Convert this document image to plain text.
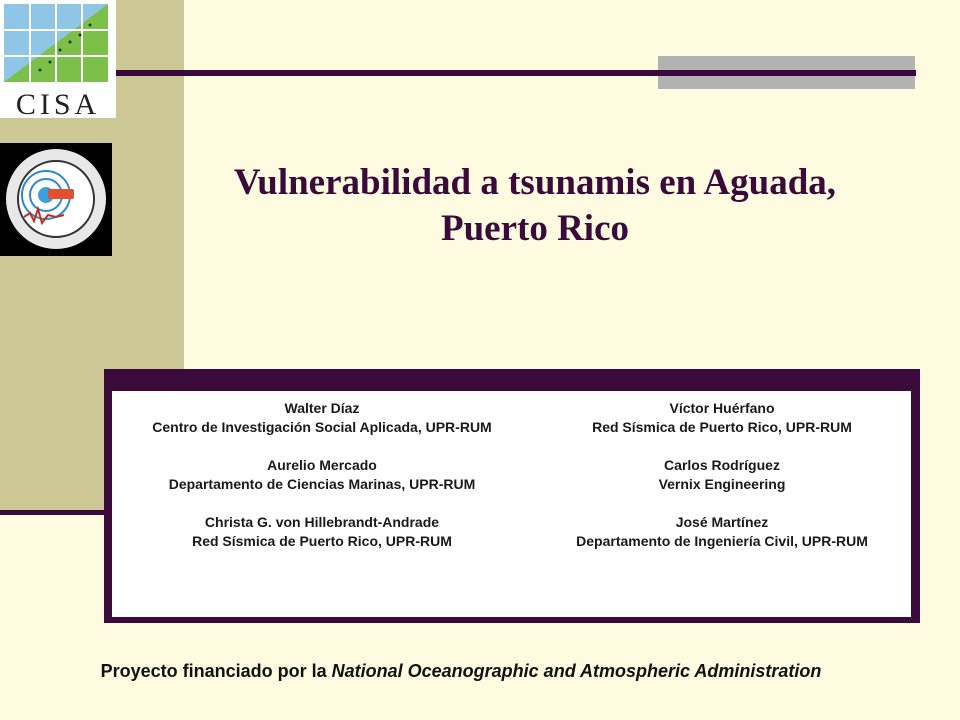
CISA
Vulnerabilidad a tsunamis en Aguada,
Puerto Rico
Walter Díaz
Centro de Investigación Social Aplicada, UPR-RUM
Aurelio Mercado
Departamento de Ciencias Marinas, UPR-RUM
Christa G. von Hillebrandt-Andrade
Red Sísmica de Puerto Rico, UPR-RUM
Víctor Huérfano
Red Sísmica de Puerto Rico, UPR-RUM
Carlos Rodríguez
Vernix Engineering
José Martínez
Departamento de Ingeniería Civil, UPR-RUM
Proyecto financiado por la National Oceanographic and Atmospheric Administration
